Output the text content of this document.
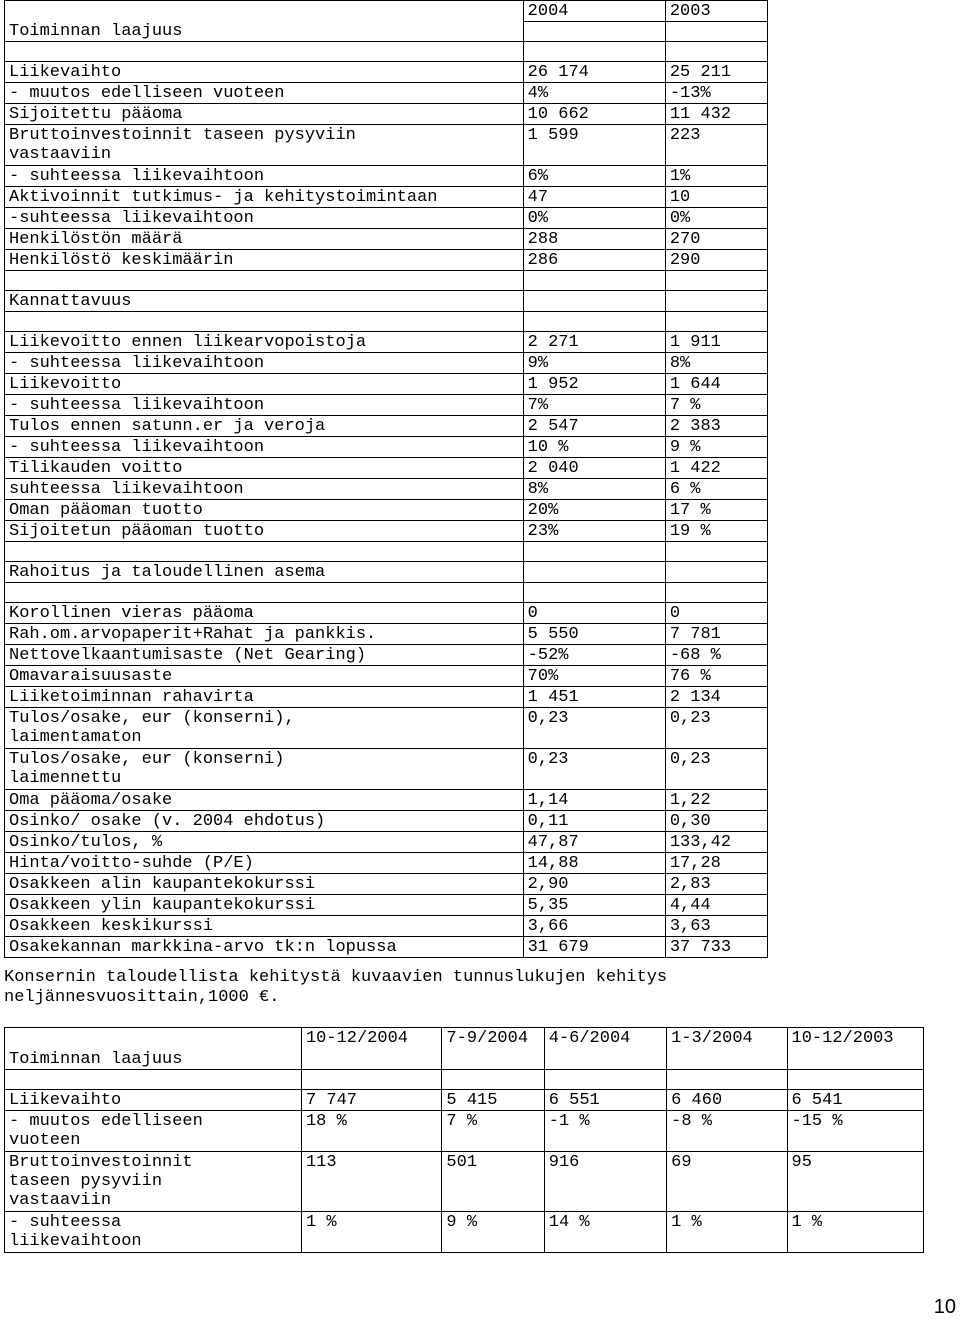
Toiminnan laajuus	2004	2003

Liikevaihto	26 174	25 211
- muutos edelliseen vuoteen	4%	-13%
Sijoitettu pääoma	10 662	11 432
Bruttoinvestoinnit taseen pysyviin
vastaaviin	1 599	223
- suhteessa liikevaihtoon	6%	1%
Aktivoinnit tutkimus- ja kehitystoimintaan	47	10
-suhteessa liikevaihtoon	0%	0%
Henkilöstön määrä	288	270
Henkilöstö keskimäärin	286	290

Kannattavuus		

Liikevoitto ennen liikearvopoistoja	2 271	1 911
- suhteessa liikevaihtoon	9%	8%
Liikevoitto	1 952	1 644
- suhteessa liikevaihtoon	7%	7 %
Tulos ennen satunn.er ja veroja	2 547	2 383
- suhteessa liikevaihtoon	10 %	9 %
Tilikauden voitto	2 040	1 422
suhteessa liikevaihtoon	8%	6 %
Oman pääoman tuotto	20%	17 %
Sijoitetun pääoman tuotto	23%	19 %

Rahoitus ja taloudellinen asema		

Korollinen vieras pääoma	0	0
Rah.om.arvopaperit+Rahat ja pankkis.	5 550	7 781
Nettovelkaantumisaste (Net Gearing)	-52%	-68 %
Omavaraisuusaste	70%	76 %
Liiketoiminnan rahavirta	1 451	2 134
Tulos/osake, eur (konserni),
laimentamaton	0,23	0,23
Tulos/osake, eur (konserni)
laimennettu	0,23	0,23
Oma pääoma/osake	1,14	1,22
Osinko/ osake (v. 2004 ehdotus)	0,11	0,30
Osinko/tulos, %	47,87	133,42
Hinta/voitto-suhde (P/E)	14,88	17,28
Osakkeen alin kaupantekokurssi	2,90	2,83
Osakkeen ylin kaupantekokurssi	5,35	4,44
Osakkeen keskikurssi	3,66	3,63
Osakekannan markkina-arvo tk:n lopussa	31 679	37 733

Konsernin taloudellista kehitystä kuvaavien tunnuslukujen kehitys
neljännesvuosittain,1000 €.

Toiminnan laajuus	10-12/2004	7-9/2004	4-6/2004	1-3/2004	10-12/2003

Liikevaihto	7 747	5 415	6 551	6 460	6 541
- muutos edelliseen
vuoteen	18 %	7 %	-1 %	-8 %	-15 %
Bruttoinvestoinnit
taseen pysyviin
vastaaviin	113	501	916	69	95
- suhteessa
liikevaihtoon	1 %	9 %	14 %	1 %	1 %
10
